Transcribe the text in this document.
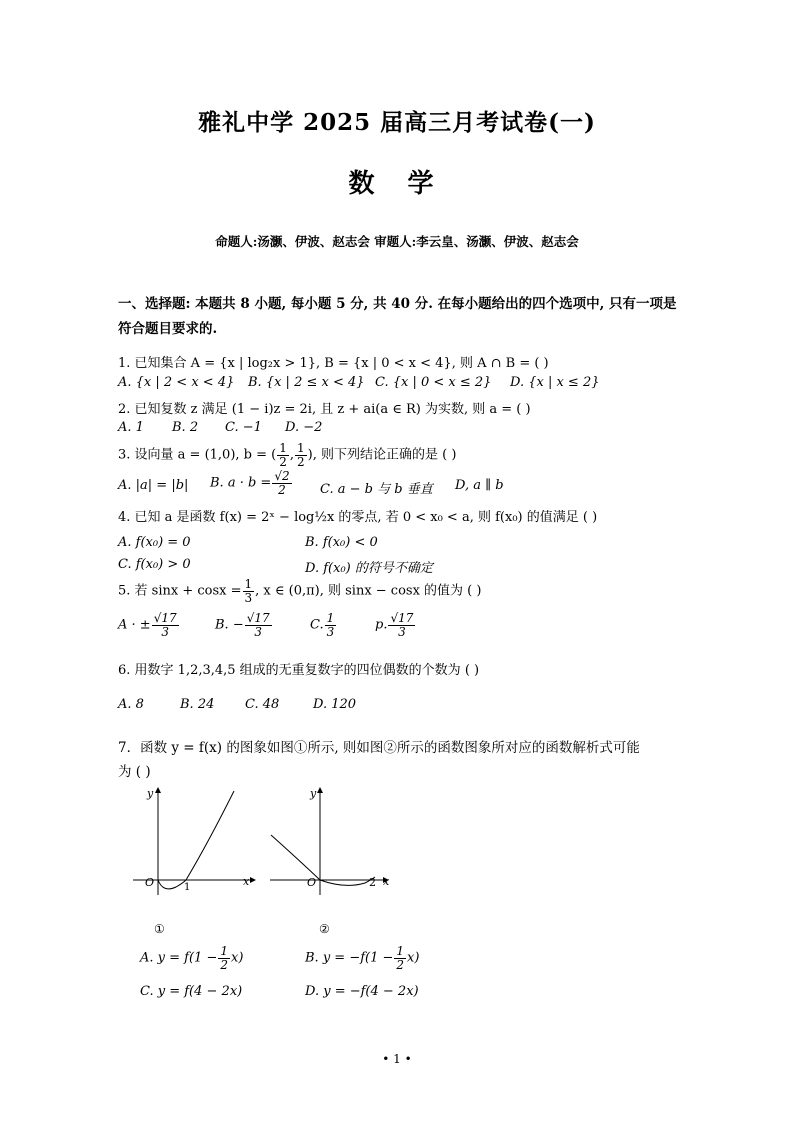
雅礼中学 2025 届高三月考试卷(一)
数 学
命题人:汤灏、伊波、赵志会 审题人:李云皇、汤灏、伊波、赵志会
一、选择题: 本题共 8 小题, 每小题 5 分, 共 40 分. 在每小题给出的四个选项中, 只有一项是符合题目要求的.
1. 已知集合 A = {x | log₂x > 1}, B = {x | 0 < x < 4}, 则 A ∩ B = ( )
A. {x | 2 < x < 4} B. {x | 2 ≤ x < 4} C. {x | 0 < x ≤ 2} D. {x | x ≤ 2}
2. 已知复数 z 满足 (1 − i)z = 2i, 且 z + ai(a ∈ R) 为实数, 则 a = ( )
A. 1 B. 2 C. −1 D. −2
3. 设向量 a = (1,0), b = ( $\frac{1}{2}$ , $\frac{1}{2}$ ), 则下列结论正确的是 ( )
A. |a| = |b| B. $a \cdot b = \frac{√2}{2} C$. a − b 与 b 垂直 D, a ∥ b
4. 已知 a 是函数 f(x) = 2ˣ − log½x 的零点, 若 0 < x₀ < a, 则 f(x₀) 的值满足 ( )
A. f(x₀) = 0	B. f(x₀) < 0
C. f(x₀) > 0	D. f(x₀) 的符号不确定
5. 若 $\sin x + \cos x = \frac{1}{3}$ , x ∈ (0,π), 则 sinx − cosx 的值为 ( )
A · ± $\frac{√17}{3}$	B. − $\frac{√17}{3}$	C. $\frac{1}{3}$	p. $\frac{√17}{3}$
6. 用数字 1,2,3,4,5 组成的无重复数字的四位偶数的个数为 ( )
A. 8	B. 24 C. 48	D. 120
7．函数 y = f(x) 的图象如图①所示, 则如图②所示的函数图象所对应的函数解析式可能
为 ( )
x
y
O	1	x
y
O	2
①	②
A. $y = f(1 - \frac{1}{2} x)$	B. $y = -f(1 - \frac{1}{2} x)$
C. y = f(4 − 2x)	D. y = −f(4 − 2x)
• 1 •
